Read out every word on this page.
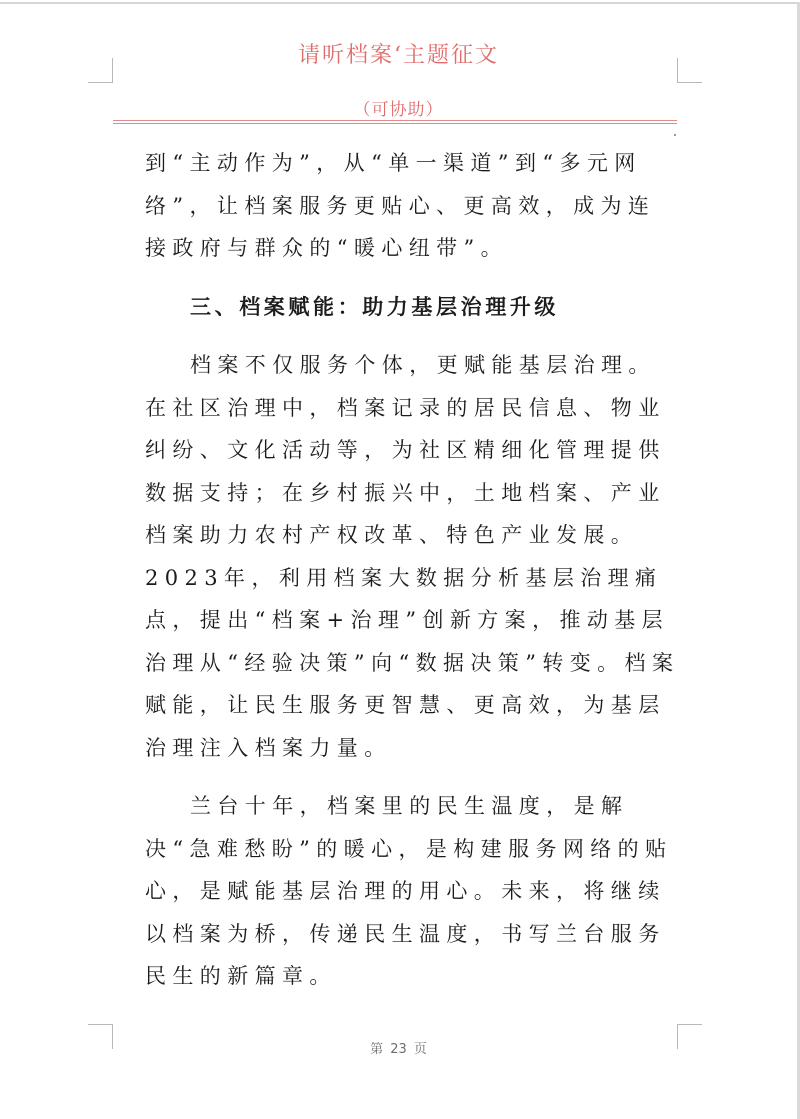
请听档案‘主题征文
（可协助）

到“主动作为”，从“单一渠道”到“多元网络”，让档案服务更贴心、更高效，成为连接政府与群众的“暖心纽带”。

三、档案赋能：助力基层治理升级

档案不仅服务个体，更赋能基层治理。在社区治理中，档案记录的居民信息、物业纠纷、文化活动等，为社区精细化管理提供数据支持；在乡村振兴中，土地档案、产业档案助力农村产权改革、特色产业发展。2023年，利用档案大数据分析基层治理痛点，提出“档案+治理”创新方案，推动基层治理从“经验决策”向“数据决策”转变。档案赋能，让民生服务更智慧、更高效，为基层治理注入档案力量。

兰台十年，档案里的民生温度，是解决“急难愁盼”的暖心，是构建服务网络的贴心，是赋能基层治理的用心。未来，将继续以档案为桥，传递民生温度，书写兰台服务民生的新篇章。

第 23 页
